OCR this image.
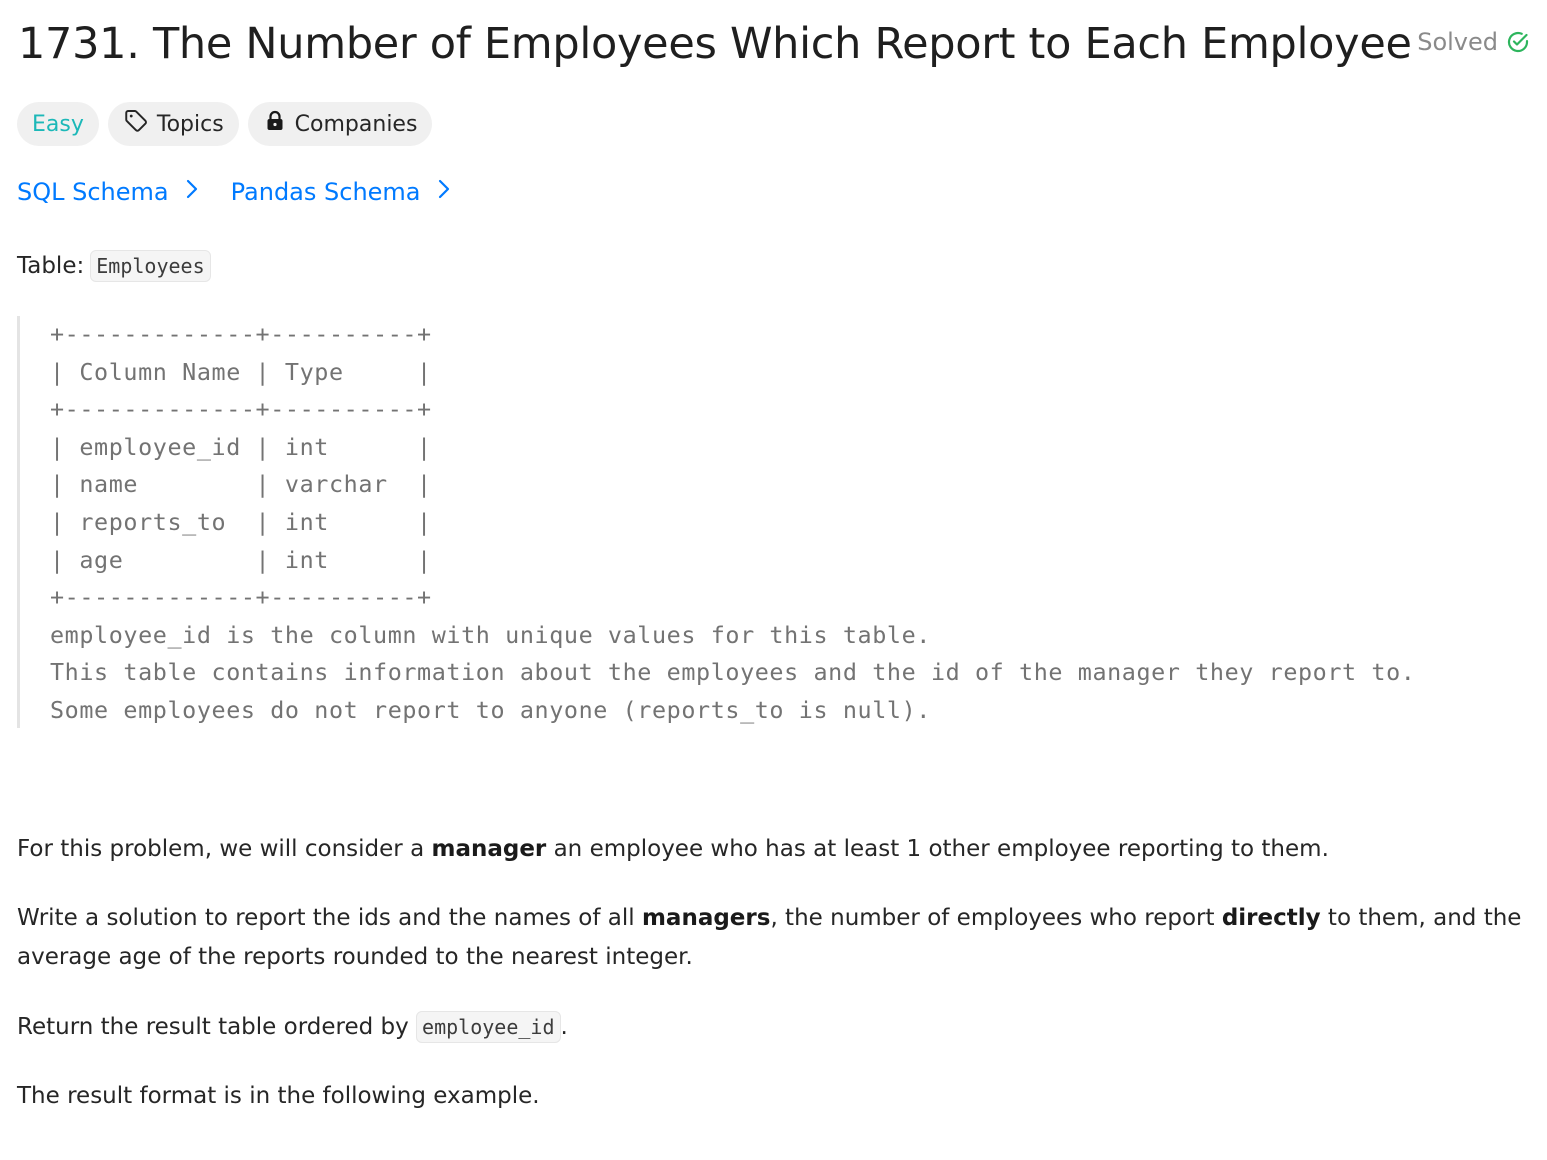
1731. The Number of Employees Which Report to Each Employee Solved
Easy	Topics	Companies
SQL Schema	Pandas Schema
Table: Employees
+-------------+----------+
| Column Name | Type     |
+-------------+----------+
| employee_id | int      |
| name        | varchar  |
| reports_to  | int      |
| age         | int      |
+-------------+----------+
employee_id is the column with unique values for this table.
This table contains information about the employees and the id of the manager they report to.
Some employees do not report to anyone (reports_to is null).
For this problem, we will consider a manager an employee who has at least 1 other employee reporting to them.
Write a solution to report the ids and the names of all managers, the number of employees who report directly to them, and the average age of the reports rounded to the nearest integer.
Return the result table ordered by employee_id .
The result format is in the following example.
